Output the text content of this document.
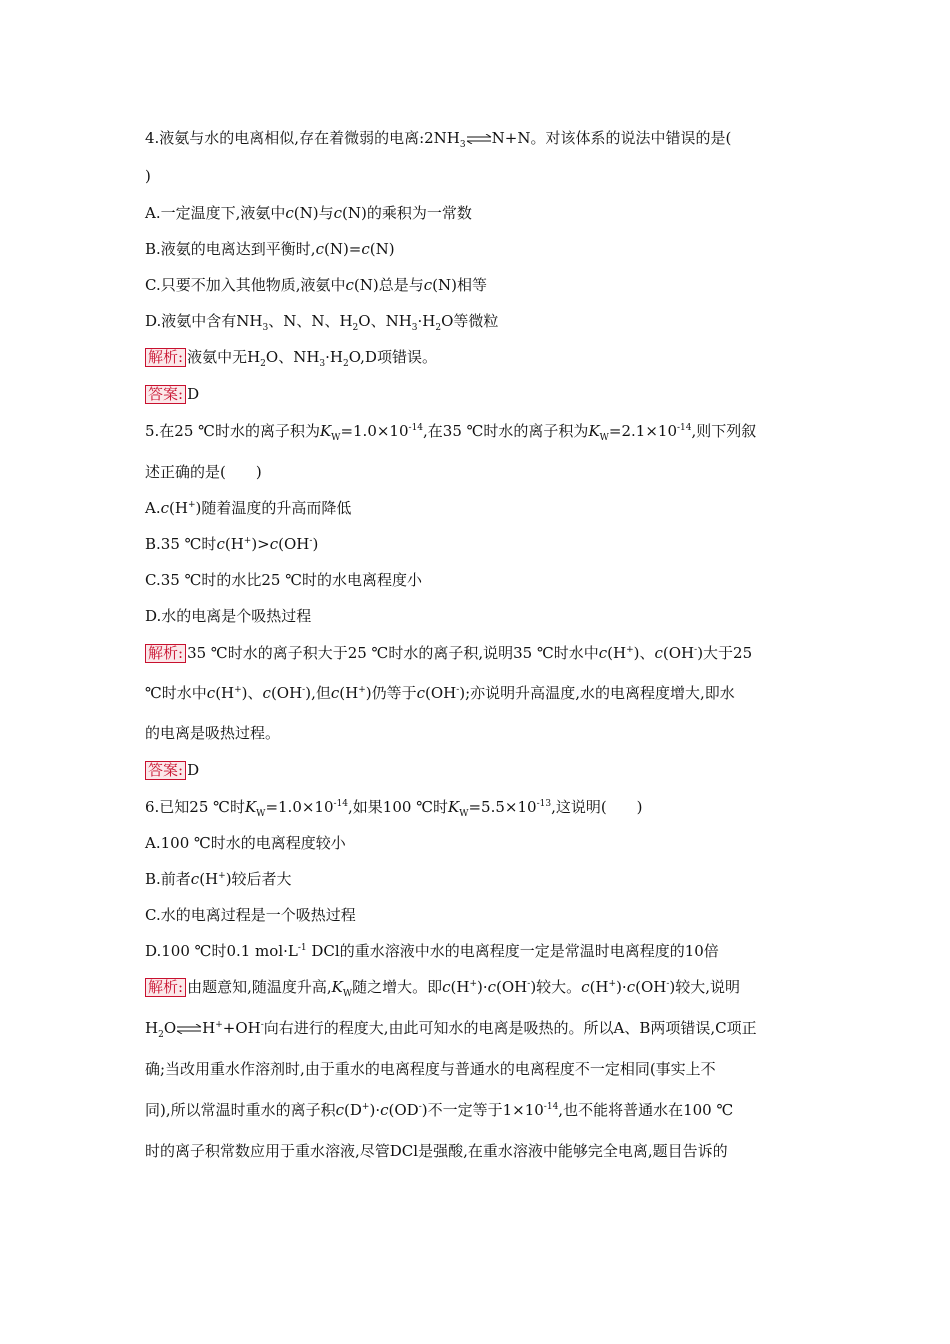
4.液氨与水的电离相似,存在着微弱的电离$:2NH_3$ ⇌N+N。对该体系的说法中错误的是(
)
A.一定温度下,液氨中c(N)与c(N)的乘积为一常数
B.液氨的电离达到平衡时,c(N)=c(N)
C.只要不加入其他物质,液氨中c(N)总是与c(N)相等
D.液氨中含有$NH_3$、N、N、$H_2O$、$NH_3\cdot H_2O$等微粒
解析: 液氨中无$H_2O$、$NH_3\cdot H_2O,D$项错误。
答案: D
5.在25 ℃时水的离子积为$K_W=1.0\times 10^{-14}$,在35 ℃时水的离子积为$K_W=2.1\times 10^{-14}$,则下列叙
述正确的是(　　)
A.c(H+)随着温度的升高而降低
B.35 ℃时c(H+)>c(OH-)
C.35 ℃时的水比25 ℃时的水电离程度小
D.水的电离是个吸热过程
解析: 35 ℃时水的离子积大于25 ℃时水的离子积,说明35 ℃时水中c(H+)、c(OH-)大于25
℃时水中c(H+)、c(OH-),但c(H+)仍等于c(OH-);亦说明升高温度,水的电离程度增大,即水
的电离是吸热过程。
答案: D
6.已知25 ℃时$K_W=1.0\times 10^{-14}$,如果100 ℃时$K_W=5.5\times 10^{-13}$,这说明(　　)
A.100 ℃时水的电离程度较小
B.前者c(H+)较后者大
C.水的电离过程是一个吸热过程
D.100 ℃时0.1 $mol\cdot L^{-1}$ DCl的重水溶液中水的电离程度一定是常温时电离程度的10倍
解析: 由题意知,随温度升高$,K_W$随之增大。即c(H+)·c(OH-)较大。c(H+)·c(OH-)较大,说明
$H_2O\rightleftharpoons H^++OH^-$向右进行的程度大,由此可知水的电离是吸热的。所以A、B两项错误,C项正
确;当改用重水作溶剂时,由于重水的电离程度与普通水的电离程度不一定相同(事实上不
同),所以常温时重水的离子积c(D+)·c(OD-)不一定等于$1\times 10^{-14}$,也不能将普通水在100 ℃
时的离子积常数应用于重水溶液,尽管DCl是强酸,在重水溶液中能够完全电离,题目告诉的
